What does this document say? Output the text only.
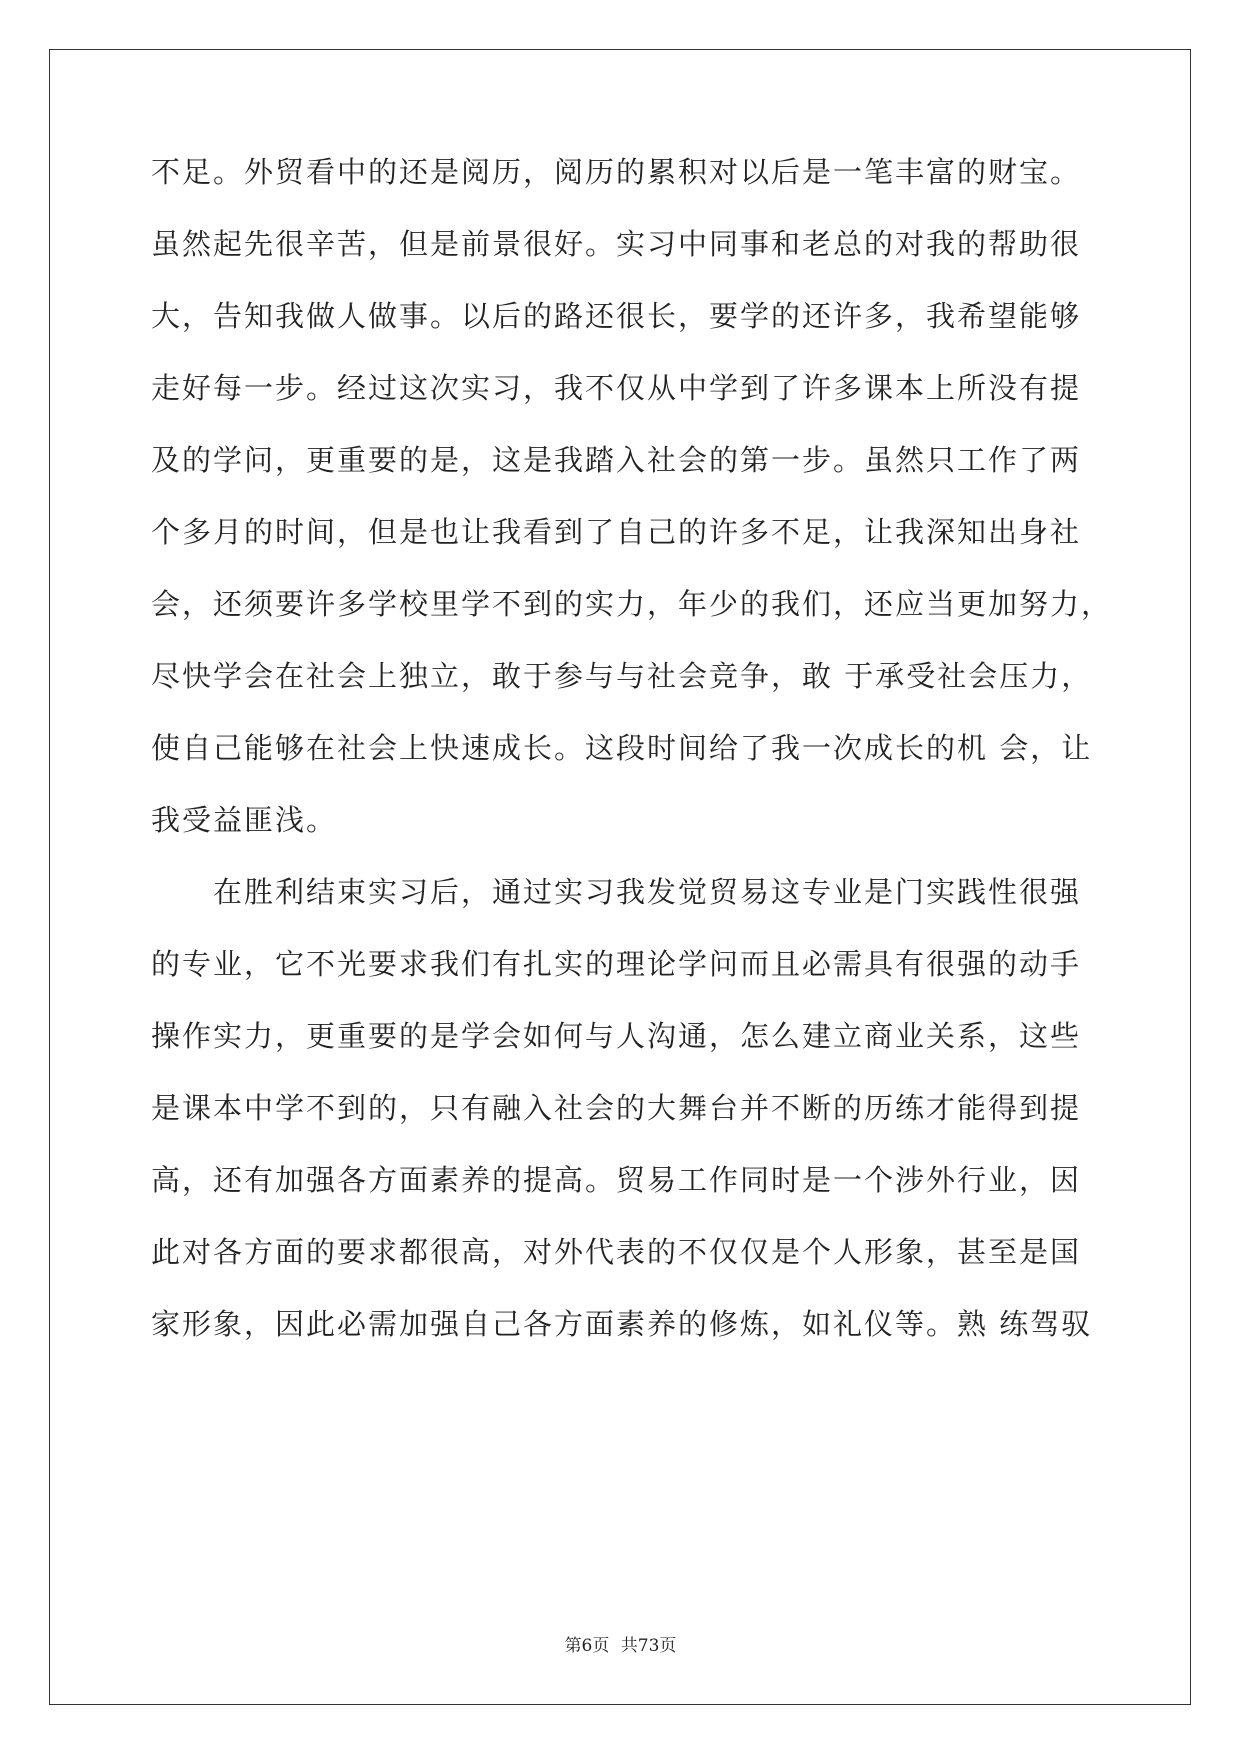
不足。外贸看中的还是阅历，阅历的累积对以后是一笔丰富的财宝。
虽然起先很辛苦，但是前景很好。实习中同事和老总的对我的帮助很
大，告知我做人做事。以后的路还很长，要学的还许多，我希望能够
走好每一步。经过这次实习，我不仅从中学到了许多课本上所没有提
及的学问，更重要的是，这是我踏入社会的第一步。虽然只工作了两
个多月的时间，但是也让我看到了自己的许多不足，让我深知出身社
会，还须要许多学校里学不到的实力，年少的我们，还应当更加努力，
尽快学会在社会上独立，敢于参与与社会竞争，敢 于承受社会压力，
使自己能够在社会上快速成长。这段时间给了我一次成长的机 会，让
我受益匪浅。
在胜利结束实习后，通过实习我发觉贸易这专业是门实践性很强
的专业，它不光要求我们有扎实的理论学问而且必需具有很强的动手
操作实力，更重要的是学会如何与人沟通，怎么建立商业关系，这些
是课本中学不到的，只有融入社会的大舞台并不断的历练才能得到提
高，还有加强各方面素养的提高。贸易工作同时是一个涉外行业，因
此对各方面的要求都很高，对外代表的不仅仅是个人形象，甚至是国
家形象，因此必需加强自己各方面素养的修炼，如礼仪等。熟 练驾驭
第6页 共73页
